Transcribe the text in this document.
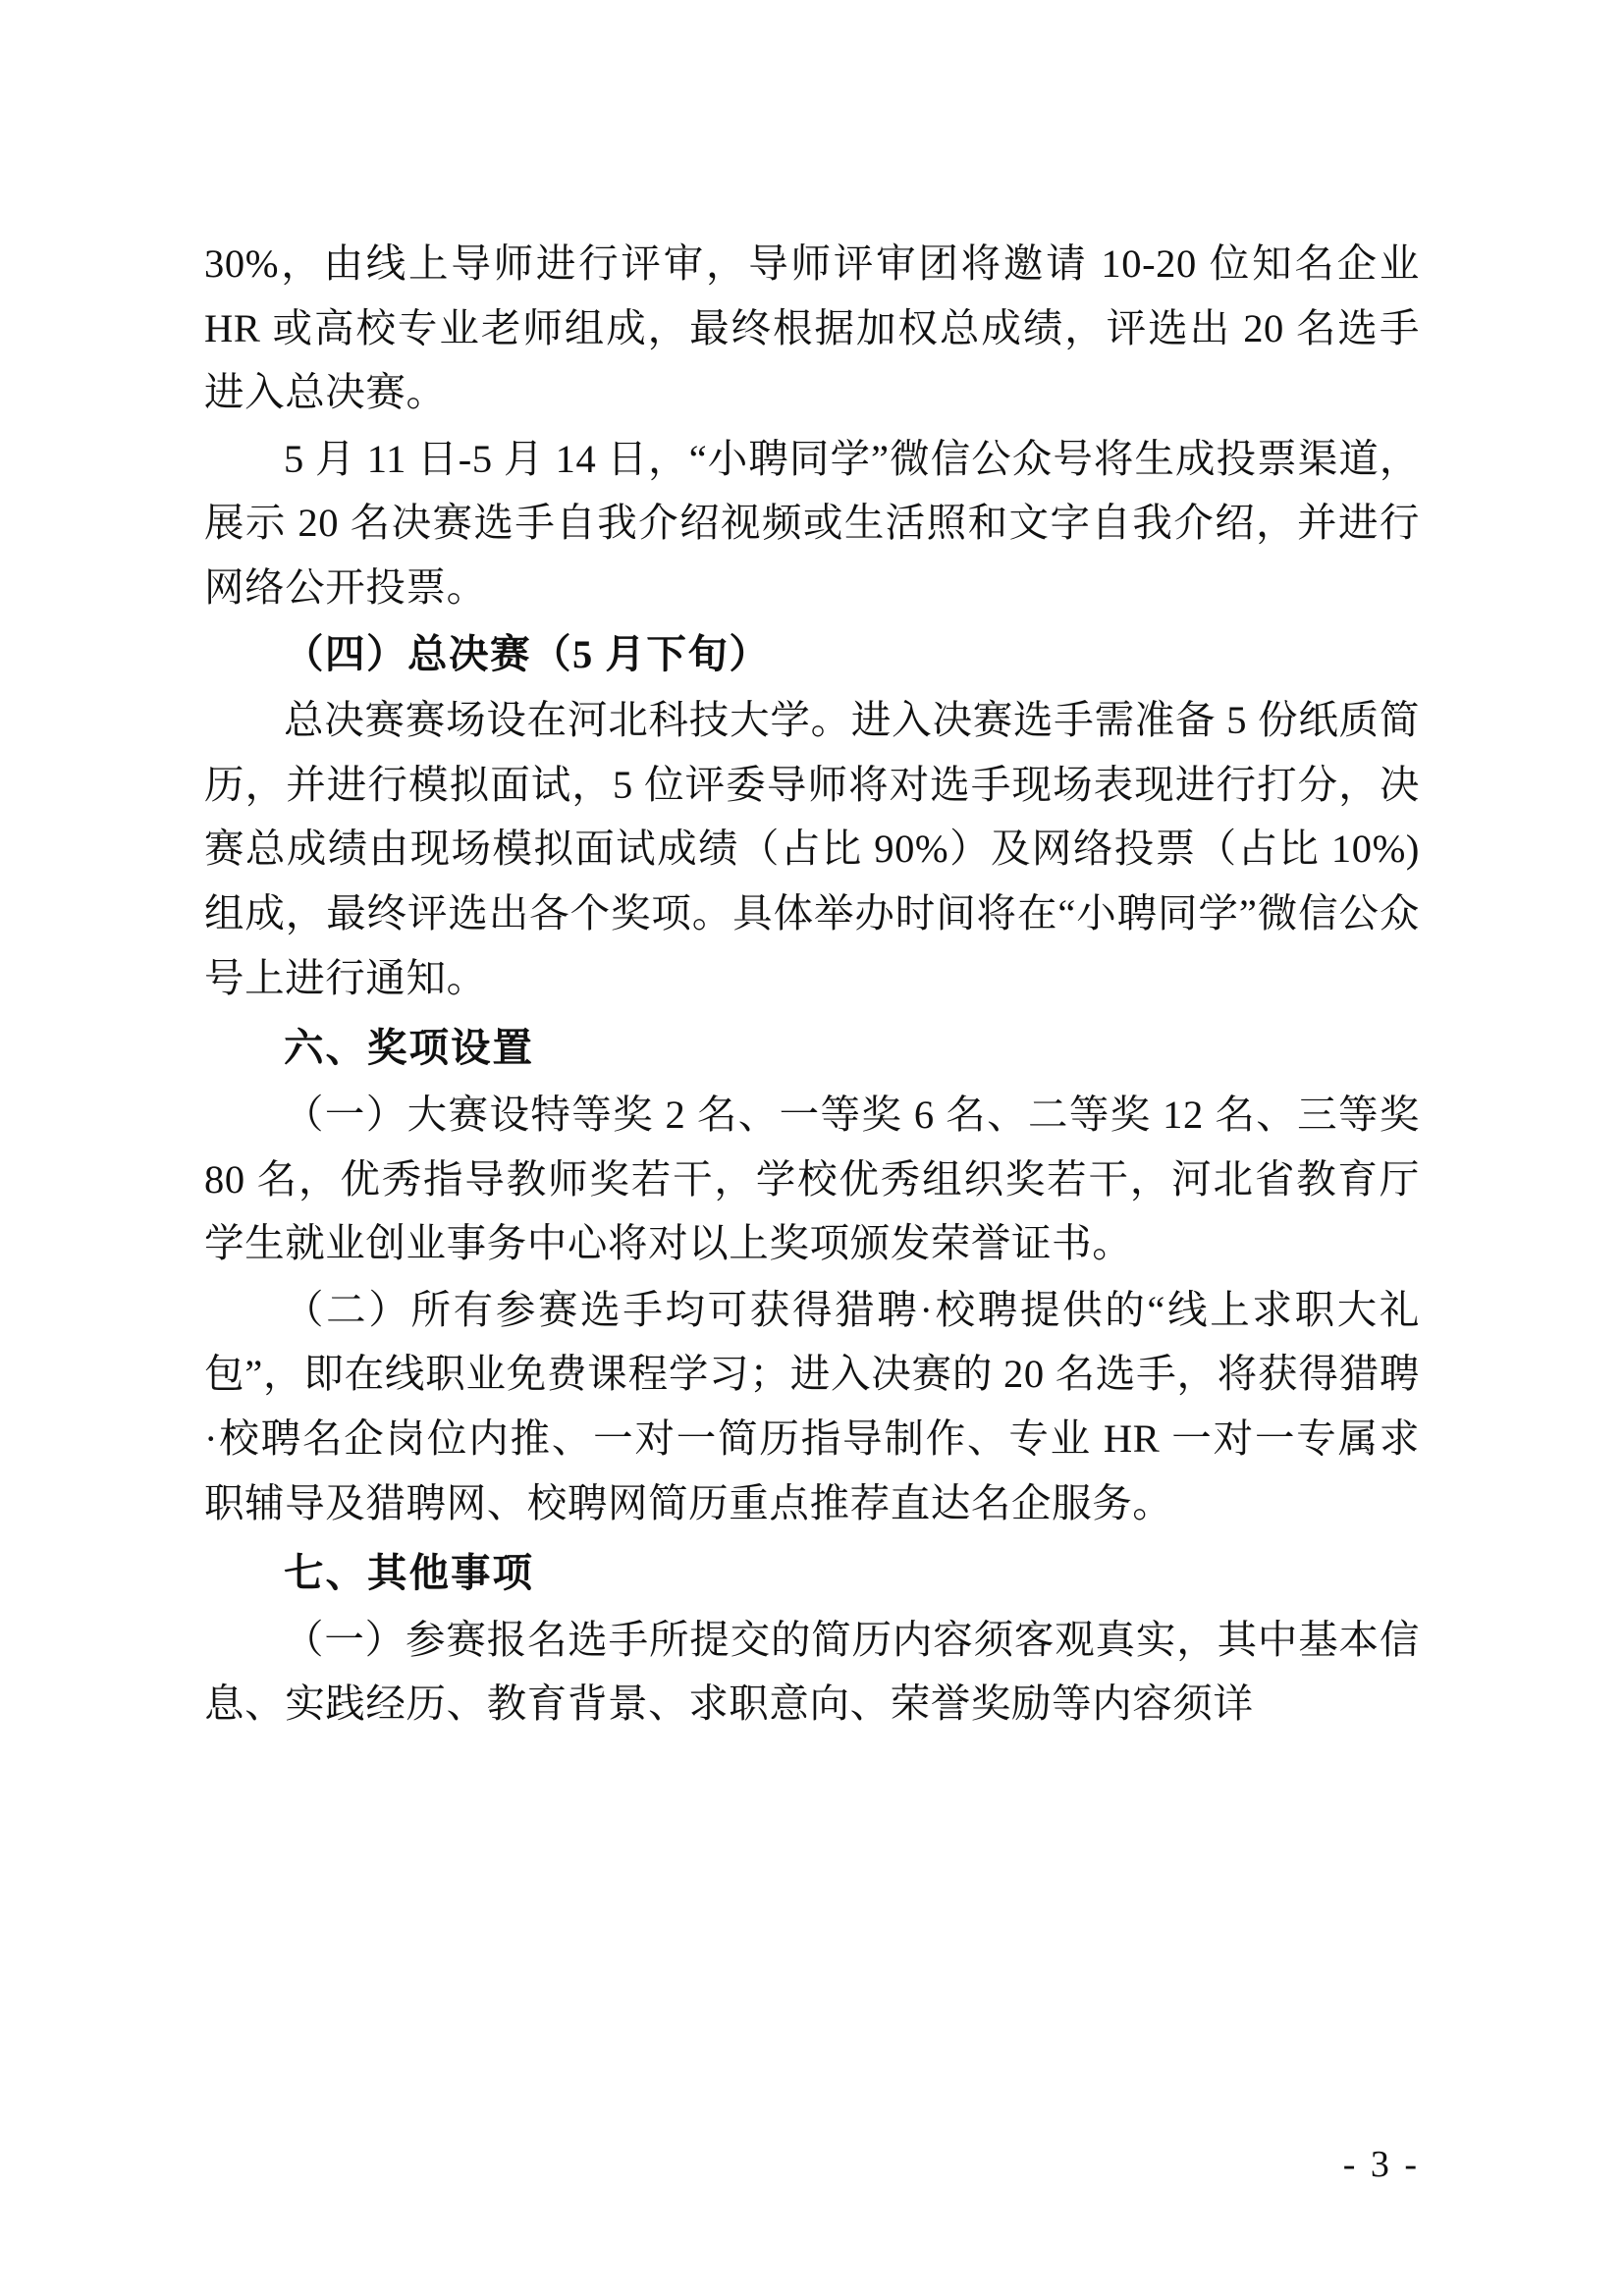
30%，由线上导师进行评审，导师评审团将邀请 10-20 位知名企业 HR 或高校专业老师组成，最终根据加权总成绩，评选出 20 名选手进入总决赛。

5 月 11 日-5 月 14 日，“小聘同学”微信公众号将生成投票渠道，展示 20 名决赛选手自我介绍视频或生活照和文字自我介绍，并进行网络公开投票。

（四）总决赛（5 月下旬）

总决赛赛场设在河北科技大学。进入决赛选手需准备 5 份纸质简历，并进行模拟面试，5 位评委导师将对选手现场表现进行打分，决赛总成绩由现场模拟面试成绩（占比 90%）及网络投票（占比 10%)组成，最终评选出各个奖项。具体举办时间将在“小聘同学”微信公众号上进行通知。

六、奖项设置

（一）大赛设特等奖 2 名、一等奖 6 名、二等奖 12 名、三等奖 80 名，优秀指导教师奖若干，学校优秀组织奖若干，河北省教育厅学生就业创业事务中心将对以上奖项颁发荣誉证书。

（二）所有参赛选手均可获得猎聘·校聘提供的“线上求职大礼包”，即在线职业免费课程学习；进入决赛的 20 名选手，将获得猎聘·校聘名企岗位内推、一对一简历指导制作、专业 HR 一对一专属求职辅导及猎聘网、校聘网简历重点推荐直达名企服务。

七、其他事项

（一）参赛报名选手所提交的简历内容须客观真实，其中基本信息、实践经历、教育背景、求职意向、荣誉奖励等内容须详

- 3 -
